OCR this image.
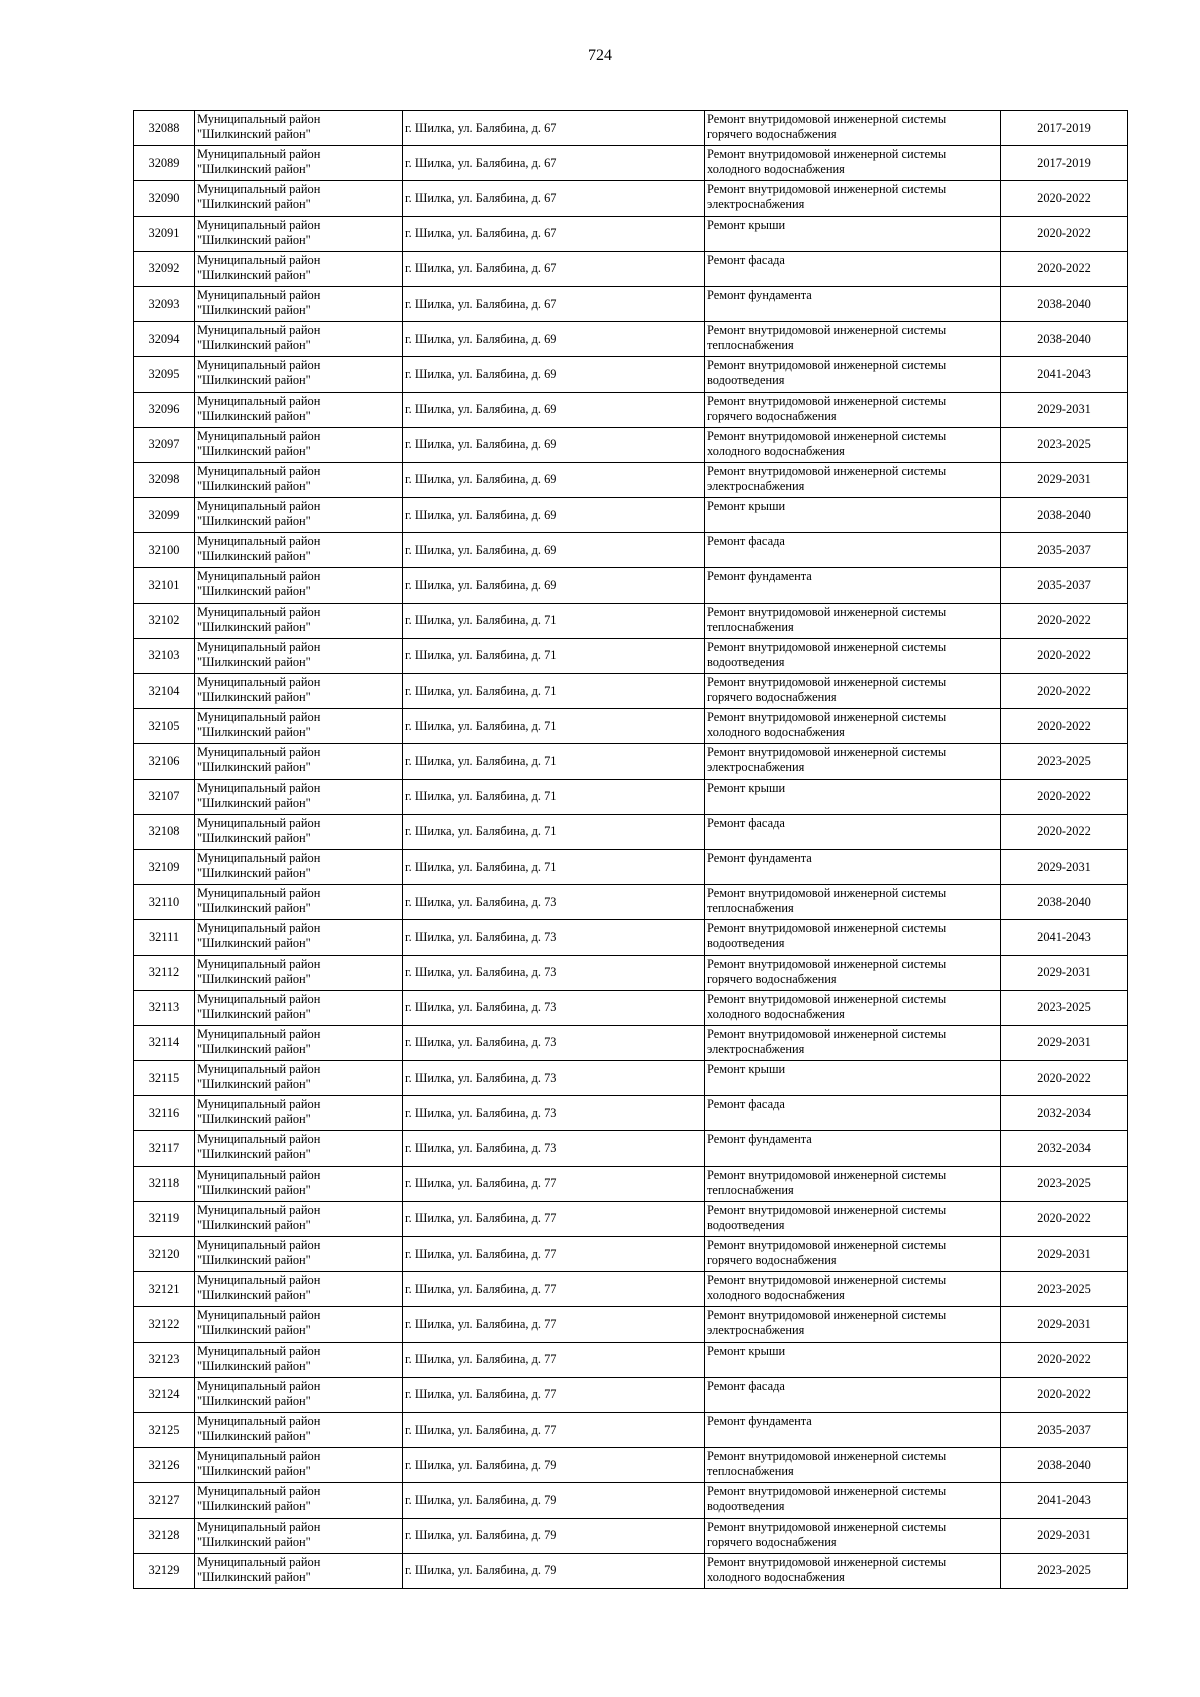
724
32088	Муниципальный район
"Шилкинский район"	г. Шилка, ул. Балябина, д. 67	Ремонт внутридомовой инженерной системы
горячего водоснабжения	2017-2019

32089	Муниципальный район
"Шилкинский район"	г. Шилка, ул. Балябина, д. 67	Ремонт внутридомовой инженерной системы
холодного водоснабжения	2017-2019

32090	Муниципальный район
"Шилкинский район"	г. Шилка, ул. Балябина, д. 67	Ремонт внутридомовой инженерной системы
электроснабжения	2020-2022

32091	Муниципальный район
"Шилкинский район"	г. Шилка, ул. Балябина, д. 67	Ремонт крыши	2020-2022

32092	Муниципальный район
"Шилкинский район"	г. Шилка, ул. Балябина, д. 67	Ремонт фасада	2020-2022

32093	Муниципальный район
"Шилкинский район"	г. Шилка, ул. Балябина, д. 67	Ремонт фундамента	2038-2040

32094	Муниципальный район
"Шилкинский район"	г. Шилка, ул. Балябина, д. 69	Ремонт внутридомовой инженерной системы
теплоснабжения	2038-2040

32095	Муниципальный район
"Шилкинский район"	г. Шилка, ул. Балябина, д. 69	Ремонт внутридомовой инженерной системы
водоотведения	2041-2043

32096	Муниципальный район
"Шилкинский район"	г. Шилка, ул. Балябина, д. 69	Ремонт внутридомовой инженерной системы
горячего водоснабжения	2029-2031

32097	Муниципальный район
"Шилкинский район"	г. Шилка, ул. Балябина, д. 69	Ремонт внутридомовой инженерной системы
холодного водоснабжения	2023-2025

32098	Муниципальный район
"Шилкинский район"	г. Шилка, ул. Балябина, д. 69	Ремонт внутридомовой инженерной системы
электроснабжения	2029-2031

32099	Муниципальный район
"Шилкинский район"	г. Шилка, ул. Балябина, д. 69	Ремонт крыши	2038-2040

32100	Муниципальный район
"Шилкинский район"	г. Шилка, ул. Балябина, д. 69	Ремонт фасада	2035-2037

32101	Муниципальный район
"Шилкинский район"	г. Шилка, ул. Балябина, д. 69	Ремонт фундамента	2035-2037

32102	Муниципальный район
"Шилкинский район"	г. Шилка, ул. Балябина, д. 71	Ремонт внутридомовой инженерной системы
теплоснабжения	2020-2022

32103	Муниципальный район
"Шилкинский район"	г. Шилка, ул. Балябина, д. 71	Ремонт внутридомовой инженерной системы
водоотведения	2020-2022

32104	Муниципальный район
"Шилкинский район"	г. Шилка, ул. Балябина, д. 71	Ремонт внутридомовой инженерной системы
горячего водоснабжения	2020-2022

32105	Муниципальный район
"Шилкинский район"	г. Шилка, ул. Балябина, д. 71	Ремонт внутридомовой инженерной системы
холодного водоснабжения	2020-2022

32106	Муниципальный район
"Шилкинский район"	г. Шилка, ул. Балябина, д. 71	Ремонт внутридомовой инженерной системы
электроснабжения	2023-2025

32107	Муниципальный район
"Шилкинский район"	г. Шилка, ул. Балябина, д. 71	Ремонт крыши	2020-2022

32108	Муниципальный район
"Шилкинский район"	г. Шилка, ул. Балябина, д. 71	Ремонт фасада	2020-2022

32109	Муниципальный район
"Шилкинский район"	г. Шилка, ул. Балябина, д. 71	Ремонт фундамента	2029-2031

32110	Муниципальный район
"Шилкинский район"	г. Шилка, ул. Балябина, д. 73	Ремонт внутридомовой инженерной системы
теплоснабжения	2038-2040

32111	Муниципальный район
"Шилкинский район"	г. Шилка, ул. Балябина, д. 73	Ремонт внутридомовой инженерной системы
водоотведения	2041-2043

32112	Муниципальный район
"Шилкинский район"	г. Шилка, ул. Балябина, д. 73	Ремонт внутридомовой инженерной системы
горячего водоснабжения	2029-2031

32113	Муниципальный район
"Шилкинский район"	г. Шилка, ул. Балябина, д. 73	Ремонт внутридомовой инженерной системы
холодного водоснабжения	2023-2025

32114	Муниципальный район
"Шилкинский район"	г. Шилка, ул. Балябина, д. 73	Ремонт внутридомовой инженерной системы
электроснабжения	2029-2031

32115	Муниципальный район
"Шилкинский район"	г. Шилка, ул. Балябина, д. 73	Ремонт крыши	2020-2022

32116	Муниципальный район
"Шилкинский район"	г. Шилка, ул. Балябина, д. 73	Ремонт фасада	2032-2034

32117	Муниципальный район
"Шилкинский район"	г. Шилка, ул. Балябина, д. 73	Ремонт фундамента	2032-2034

32118	Муниципальный район
"Шилкинский район"	г. Шилка, ул. Балябина, д. 77	Ремонт внутридомовой инженерной системы
теплоснабжения	2023-2025

32119	Муниципальный район
"Шилкинский район"	г. Шилка, ул. Балябина, д. 77	Ремонт внутридомовой инженерной системы
водоотведения	2020-2022

32120	Муниципальный район
"Шилкинский район"	г. Шилка, ул. Балябина, д. 77	Ремонт внутридомовой инженерной системы
горячего водоснабжения	2029-2031

32121	Муниципальный район
"Шилкинский район"	г. Шилка, ул. Балябина, д. 77	Ремонт внутридомовой инженерной системы
холодного водоснабжения	2023-2025

32122	Муниципальный район
"Шилкинский район"	г. Шилка, ул. Балябина, д. 77	Ремонт внутридомовой инженерной системы
электроснабжения	2029-2031

32123	Муниципальный район
"Шилкинский район"	г. Шилка, ул. Балябина, д. 77	Ремонт крыши	2020-2022

32124	Муниципальный район
"Шилкинский район"	г. Шилка, ул. Балябина, д. 77	Ремонт фасада	2020-2022

32125	Муниципальный район
"Шилкинский район"	г. Шилка, ул. Балябина, д. 77	Ремонт фундамента	2035-2037

32126	Муниципальный район
"Шилкинский район"	г. Шилка, ул. Балябина, д. 79	Ремонт внутридомовой инженерной системы
теплоснабжения	2038-2040

32127	Муниципальный район
"Шилкинский район"	г. Шилка, ул. Балябина, д. 79	Ремонт внутридомовой инженерной системы
водоотведения	2041-2043

32128	Муниципальный район
"Шилкинский район"	г. Шилка, ул. Балябина, д. 79	Ремонт внутридомовой инженерной системы
горячего водоснабжения	2029-2031

32129	Муниципальный район
"Шилкинский район"	г. Шилка, ул. Балябина, д. 79	Ремонт внутридомовой инженерной системы
холодного водоснабжения	2023-2025
